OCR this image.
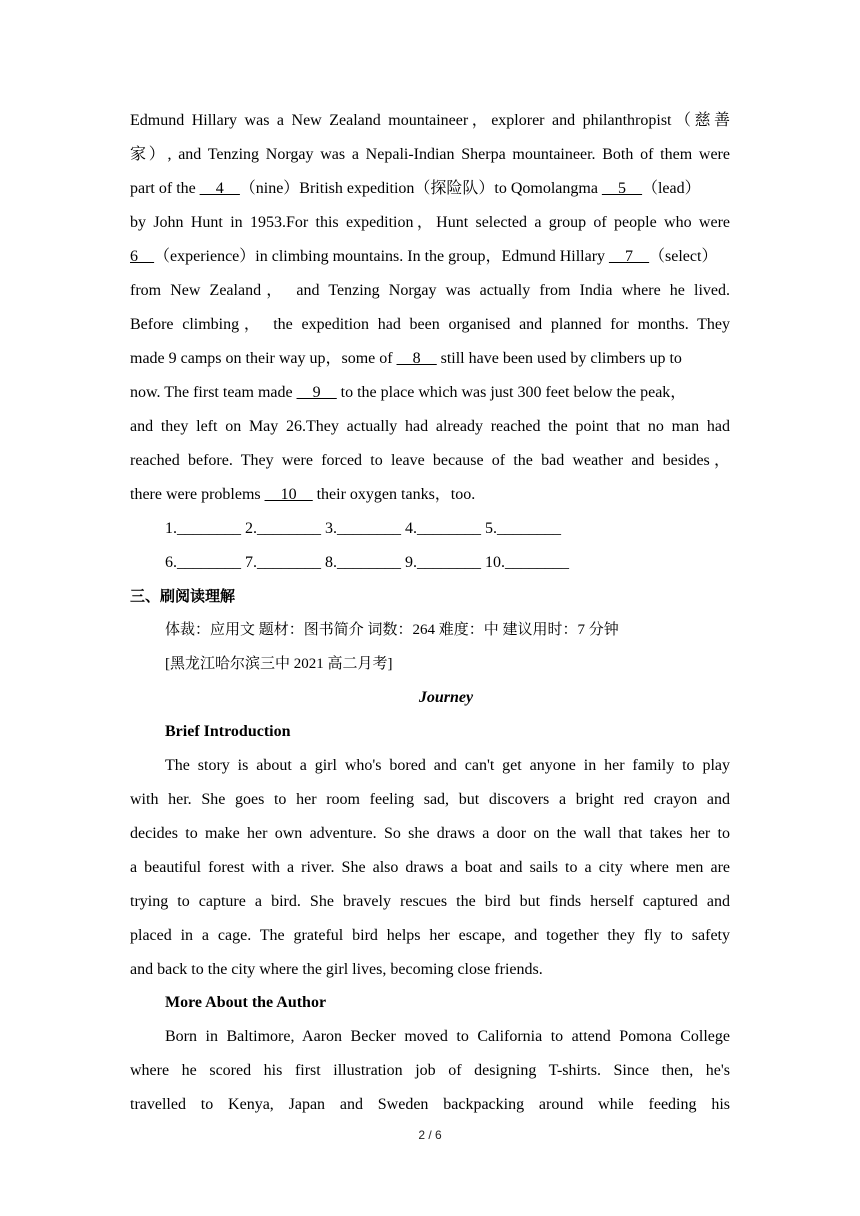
Edmund Hillary was a New Zealand mountaineer，explorer and philanthropist（慈善
家）, and Tenzing Norgay was a Nepali-Indian Sherpa mountaineer. Both of them were
part of the __4__（nine）British expedition（探险队）to Qomolangma __5__（lead）
by John Hunt in 1953.For this expedition，Hunt selected a group of people who were
6__（experience）in climbing mountains. In the group，Edmund Hillary __7__（select）
from New Zealand， and Tenzing Norgay was actually from India where he lived.
Before climbing， the expedition had been organised and planned for months. They
made 9 camps on their way up，some of __8__ still have been used by climbers up to
now. The first team made __9__ to the place which was just 300 feet below the peak，
and they left on May 26.They actually had already reached the point that no man had
reached before. They were forced to leave because of the bad weather and besides，
there were problems __10__ their oxygen tanks，too.
1.________ 2.________ 3.________ 4.________ 5.________
6.________ 7.________ 8.________ 9.________ 10.________
三、刷阅读理解
体裁：应用文 题材：图书简介 词数：264 难度：中 建议用时：7 分钟
[黑龙江哈尔滨三中 2021 高二月考]
Journey
Brief Introduction
The story is about a girl who's bored and can't get anyone in her family to play
with her. She goes to her room feeling sad, but discovers a bright red crayon and
decides to make her own adventure. So she draws a door on the wall that takes her to
a beautiful forest with a river. She also draws a boat and sails to a city where men are
trying to capture a bird. She bravely rescues the bird but finds herself captured and
placed in a cage. The grateful bird helps her escape, and together they fly to safety
and back to the city where the girl lives, becoming close friends.
More About the Author
Born in Baltimore, Aaron Becker moved to California to attend Pomona College
where he scored his first illustration job of designing T-shirts. Since then, he's
travelled to Kenya, Japan and Sweden backpacking around while feeding his
2 / 6
